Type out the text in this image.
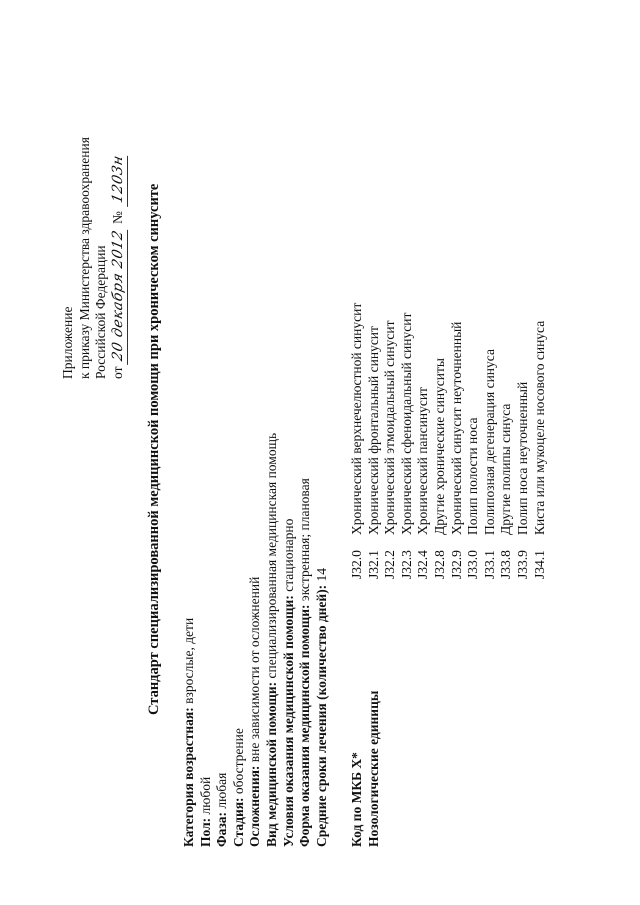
Приложение к приказу Министерства здравоохранения Российской Федерации от
20 декабря 2012
№
1203н
Стандарт специализированной медицинской помощи при хроническом синусите
Категория возрастная: взрослые, дети
Пол: любой
Фаза: любая
Стадия: обострение
Осложнения: вне зависимости от осложнений Вид медицинской помощи: специализированная медицинская помощь
Условия оказания медицинской помощи: стационарно
Форма оказания медицинской помощи: экстренная; плановая
Средние сроки лечения (количество дней): 14
Код по МКБ X* Нозологические единицы
J32.0
Хронический верхнечелюстной синусит
J32.1
Хронический фронтальный синусит
J32.2
Хронический этмоидальный синусит
J32.3
Хронический сфеноидальный синусит
J32.4
Хронический пансинусит
J32.8
Другие хронические синуситы
J32.9
Хронический синусит неуточненный
J33.0
Полип полости носа
J33.1
Полипозная дегенерация синуса
J33.8
Другие полипы синуса
J33.9
Полип носа неуточненный
J34.1
Киста или мукоцеле носового синуса
